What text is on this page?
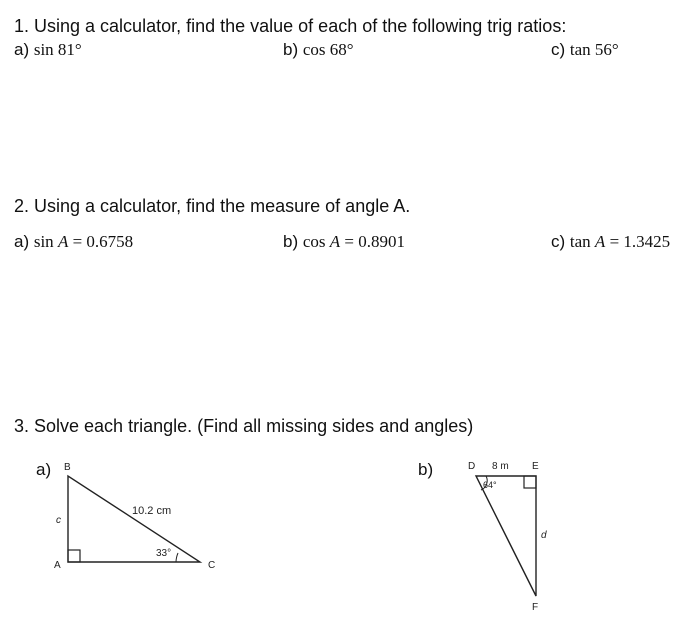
1. Using a calculator, find the value of each of the following trig ratios:
a) sin 81°	b) cos 68°	c) tan 56°
2. Using a calculator, find the measure of angle A.
a) sin A = 0.6758	b) cos A = 0.8901	c) tan A = 1.3425
3. Solve each triangle. (Find all missing sides and angles)
a)	b)
B
A	C
c
10.2 cm
33°
D 8 m E
F
64°
d
